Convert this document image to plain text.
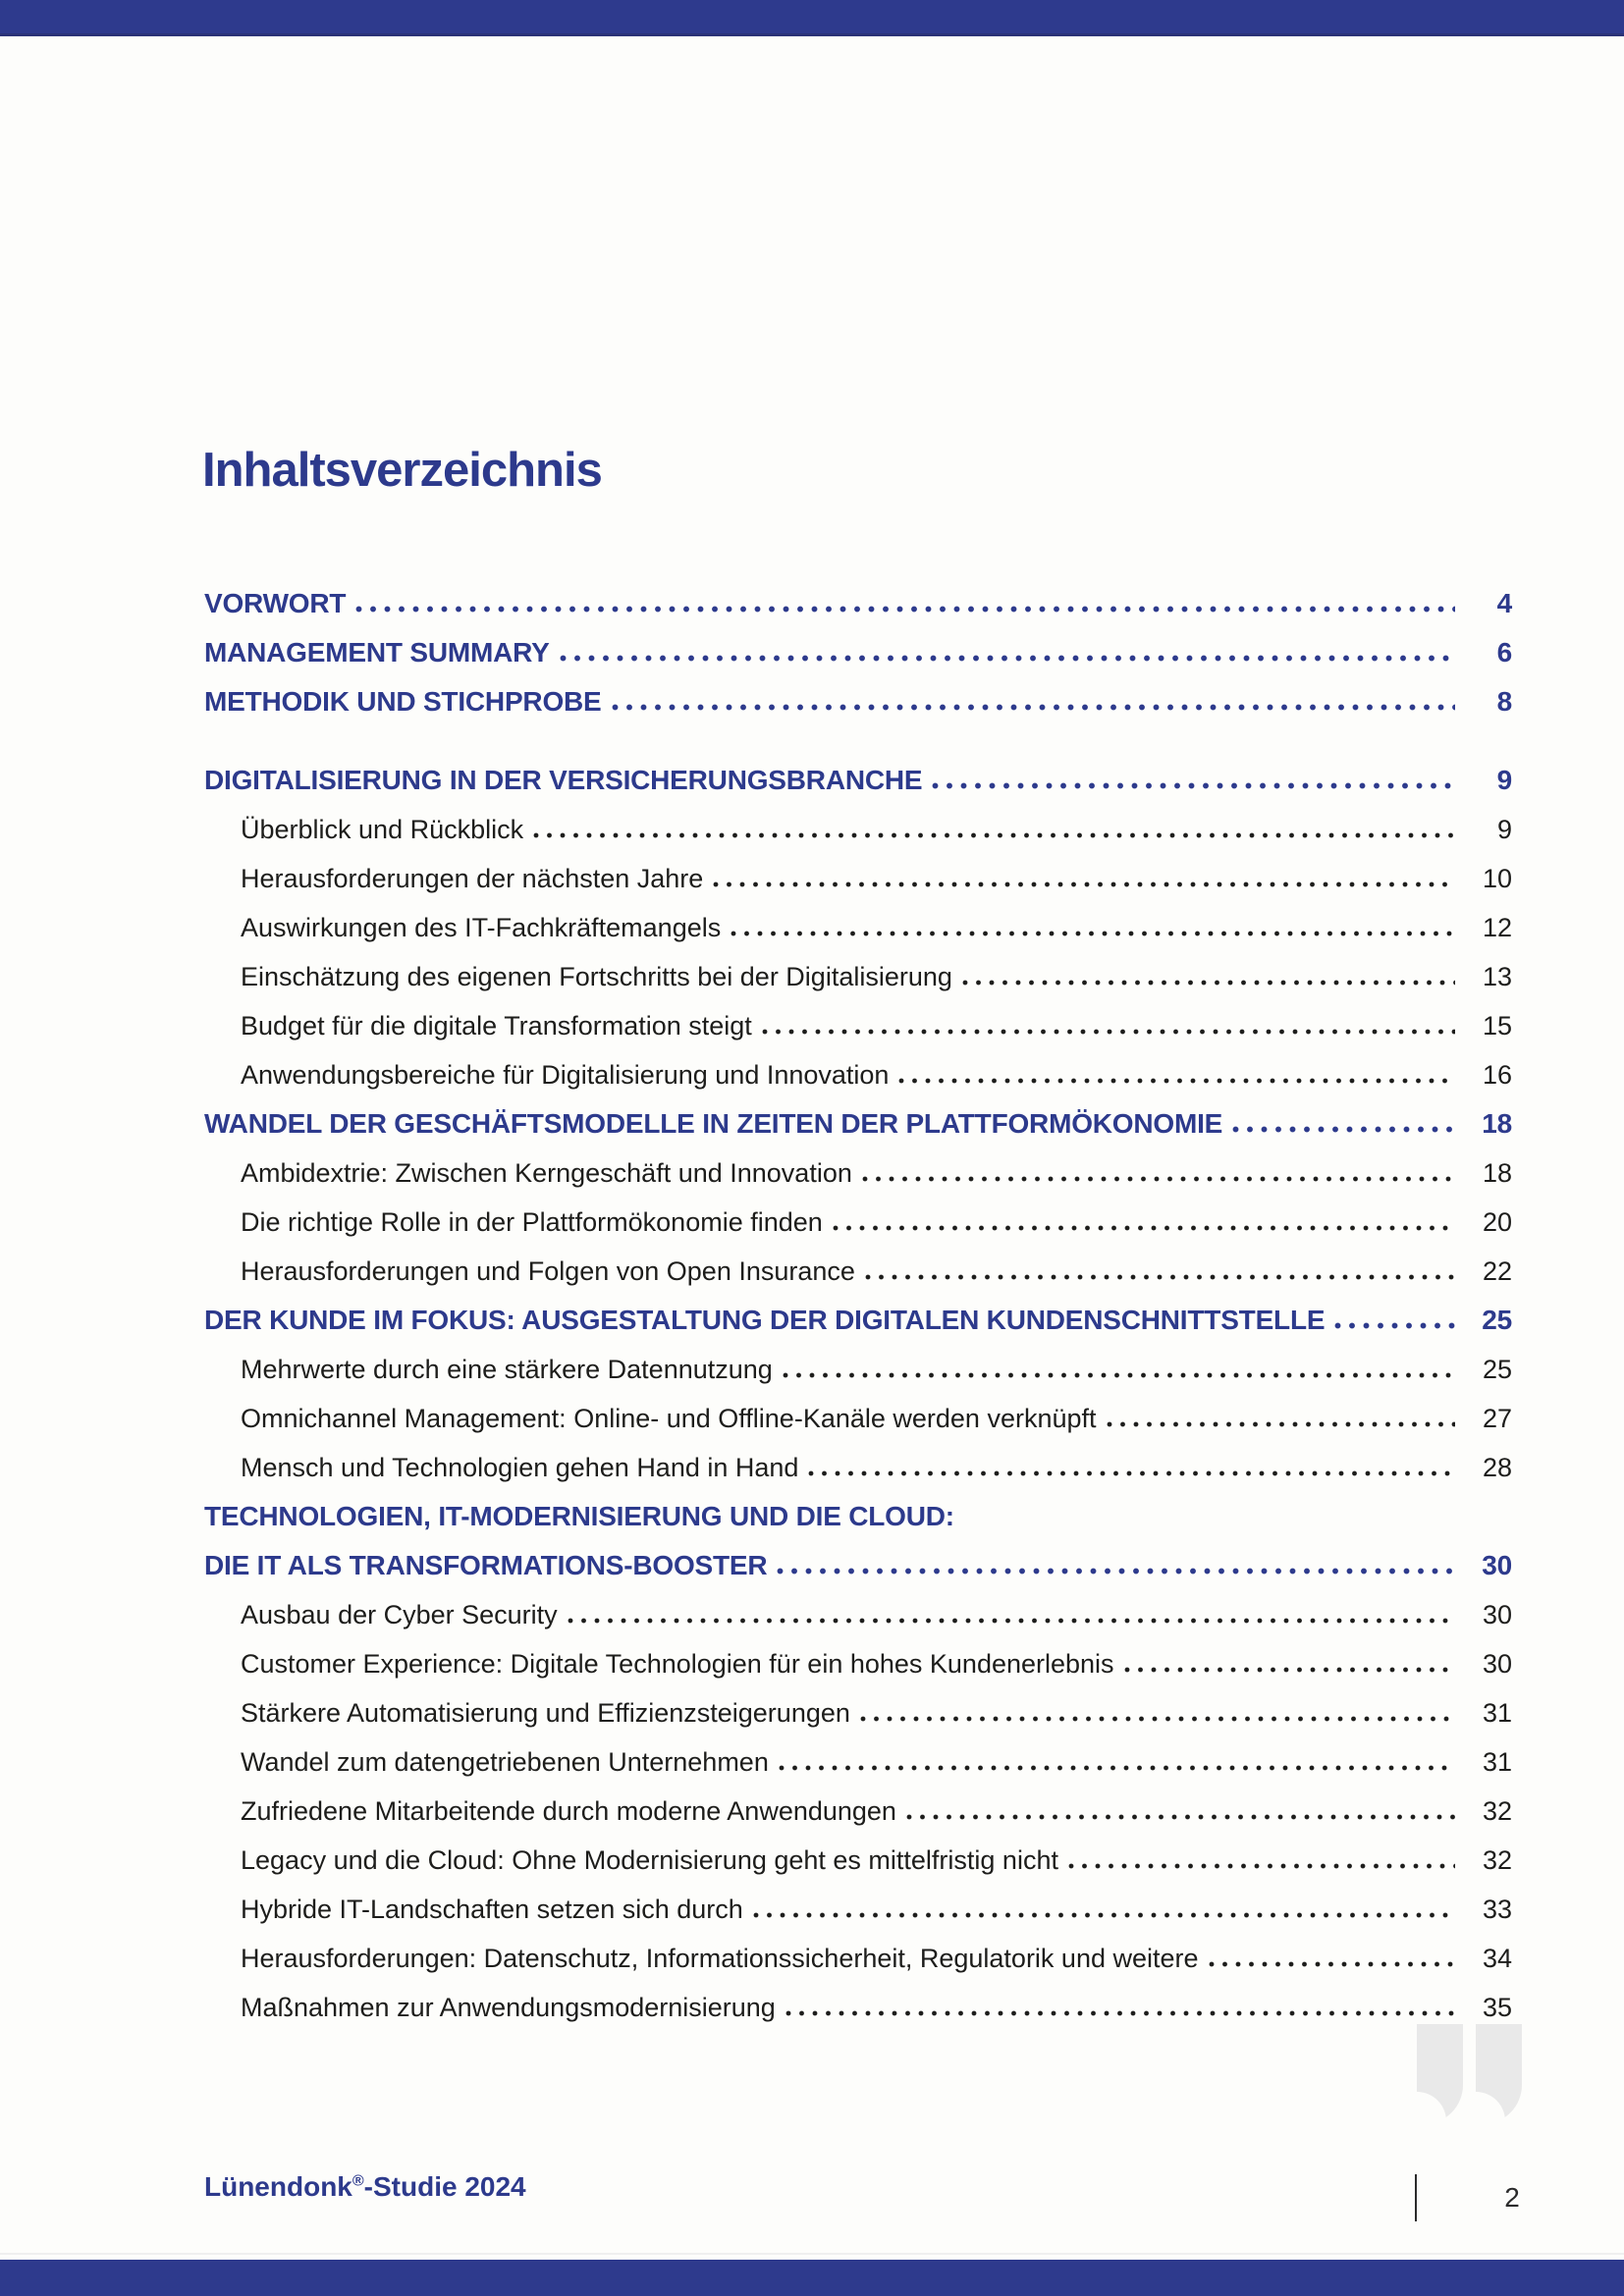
Inhaltsverzeichnis
VORWORT	4
MANAGEMENT SUMMARY	6
METHODIK UND STICHPROBE	8
DIGITALISIERUNG IN DER VERSICHERUNGSBRANCHE	9
Überblick und Rückblick	9
Herausforderungen der nächsten Jahre	10
Auswirkungen des IT-Fachkräftemangels	12
Einschätzung des eigenen Fortschritts bei der Digitalisierung	13
Budget für die digitale Transformation steigt	15
Anwendungsbereiche für Digitalisierung und Innovation	16
WANDEL DER GESCHÄFTSMODELLE IN ZEITEN DER PLATTFORMÖKONOMIE	18
Ambidextrie: Zwischen Kerngeschäft und Innovation	18
Die richtige Rolle in der Plattformökonomie finden	20
Herausforderungen und Folgen von Open Insurance	22
DER KUNDE IM FOKUS: AUSGESTALTUNG DER DIGITALEN KUNDENSCHNITTSTELLE	25
Mehrwerte durch eine stärkere Datennutzung	25
Omnichannel Management: Online- und Offline-Kanäle werden verknüpft	27
Mensch und Technologien gehen Hand in Hand	28
TECHNOLOGIEN, IT-MODERNISIERUNG UND DIE CLOUD:
DIE IT ALS TRANSFORMATIONS-BOOSTER	30
Ausbau der Cyber Security	30
Customer Experience: Digitale Technologien für ein hohes Kundenerlebnis	30
Stärkere Automatisierung und Effizienzsteigerungen	31
Wandel zum datengetriebenen Unternehmen	31
Zufriedene Mitarbeitende durch moderne Anwendungen	32
Legacy und die Cloud: Ohne Modernisierung geht es mittelfristig nicht	32
Hybride IT-Landschaften setzen sich durch	33
Herausforderungen: Datenschutz, Informationssicherheit, Regulatorik und weitere	34
Maßnahmen zur Anwendungsmodernisierung	35
Lünendonk®-Studie 2024	2
